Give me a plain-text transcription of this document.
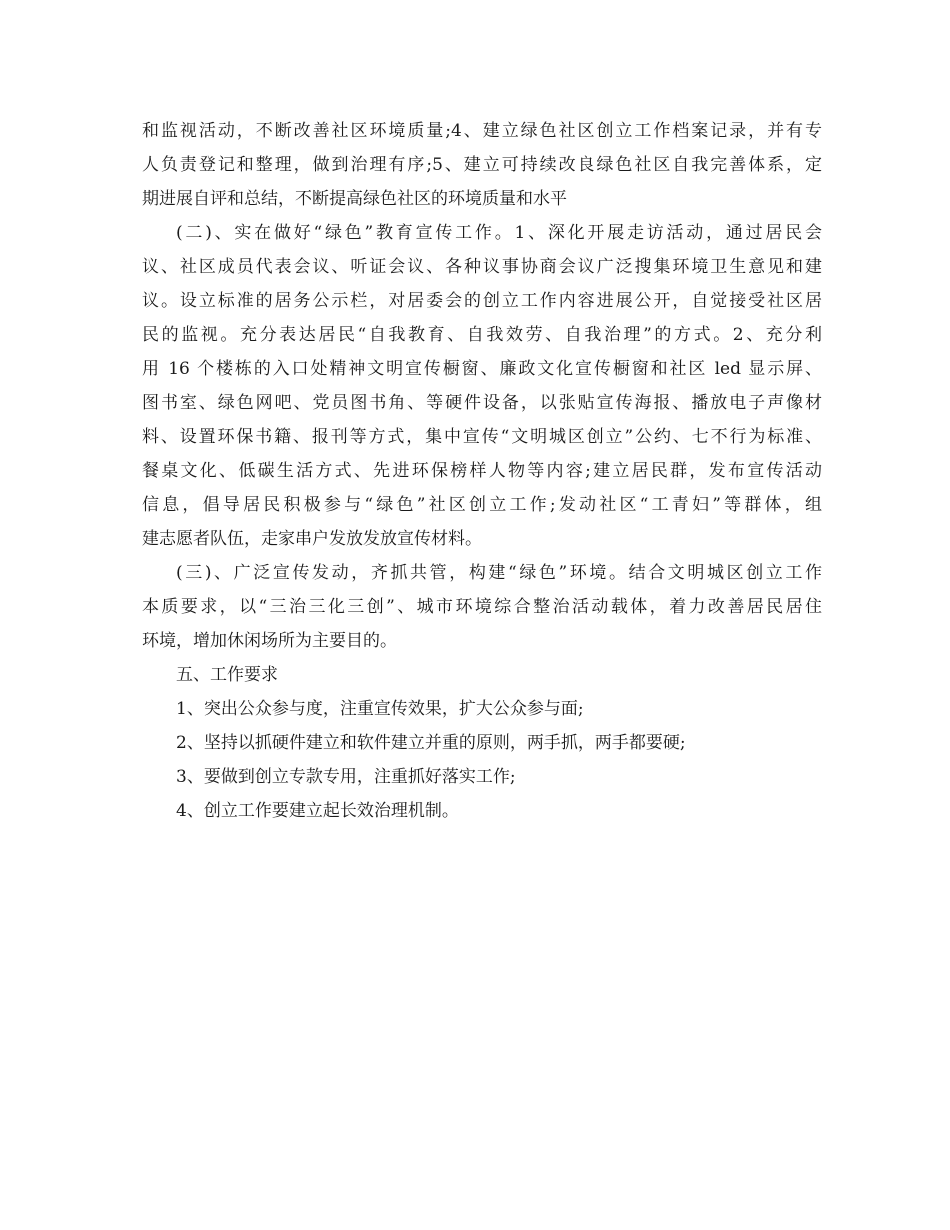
和监视活动，不断改善社区环境质量;4、建立绿色社区创立工作档案记录，并有专
人负责登记和整理，做到治理有序;5、建立可持续改良绿色社区自我完善体系，定
期进展自评和总结，不断提高绿色社区的环境质量和水平
(二)、实在做好“绿色”教育宣传工作。1、深化开展走访活动，通过居民会
议、社区成员代表会议、听证会议、各种议事协商会议广泛搜集环境卫生意见和建
议。设立标准的居务公示栏，对居委会的创立工作内容进展公开，自觉接受社区居
民的监视。充分表达居民“自我教育、自我效劳、自我治理”的方式。2、充分利
用 16 个楼栋的入口处精神文明宣传橱窗、廉政文化宣传橱窗和社区 led 显示屏、
图书室、绿色网吧、党员图书角、等硬件设备，以张贴宣传海报、播放电子声像材
料、设置环保书籍、报刊等方式，集中宣传“文明城区创立”公约、七不行为标准、
餐桌文化、低碳生活方式、先进环保榜样人物等内容;建立居民群，发布宣传活动
信息，倡导居民积极参与“绿色”社区创立工作;发动社区“工青妇”等群体，组
建志愿者队伍，走家串户发放发放宣传材料。
(三)、广泛宣传发动，齐抓共管，构建“绿色”环境。结合文明城区创立工作
本质要求，以“三治三化三创”、城市环境综合整治活动载体，着力改善居民居住
环境，增加休闲场所为主要目的。
五、工作要求
1、突出公众参与度，注重宣传效果，扩大公众参与面;
2、坚持以抓硬件建立和软件建立并重的原则，两手抓，两手都要硬;
3、要做到创立专款专用，注重抓好落实工作;
4、创立工作要建立起长效治理机制。
